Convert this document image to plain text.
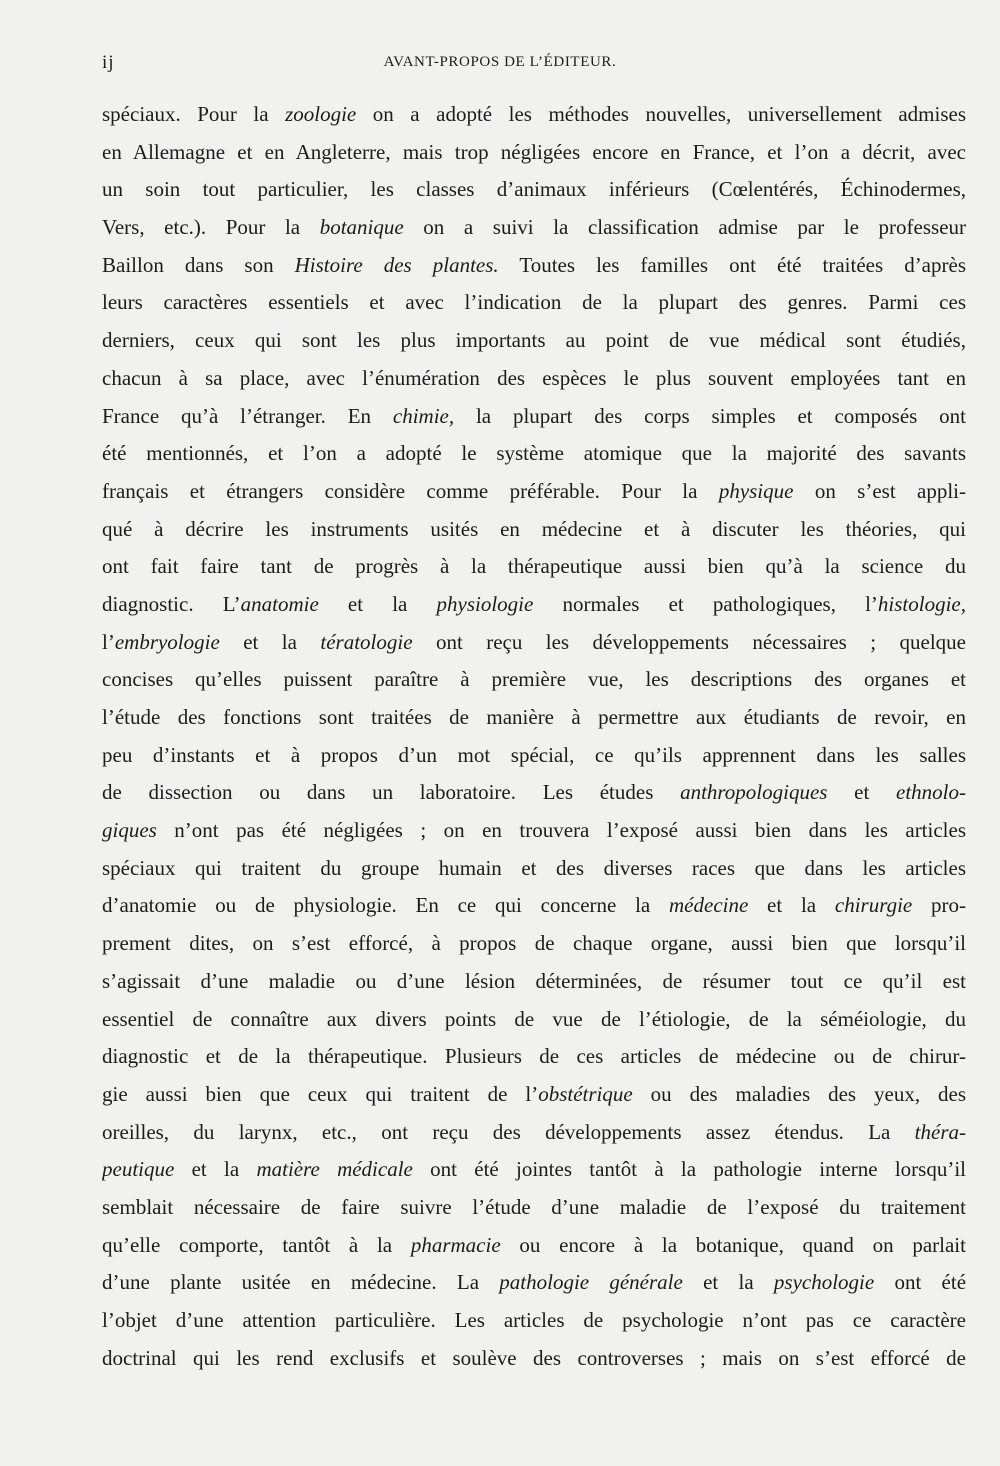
ij	AVANT-PROPOS DE L’ÉDITEUR.
spéciaux. Pour la zoologie on a adopté les méthodes nouvelles, universellement admises
en Allemagne et en Angleterre, mais trop négligées encore en France, et l’on a décrit, avec
un soin tout particulier, les classes d’animaux inférieurs (Cœlentérés, Échinodermes,
Vers, etc.). Pour la botanique on a suivi la classification admise par le professeur
Baillon dans son Histoire des plantes. Toutes les familles ont été traitées d’après
leurs caractères essentiels et avec l’indication de la plupart des genres. Parmi ces
derniers, ceux qui sont les plus importants au point de vue médical sont étudiés,
chacun à sa place, avec l’énumération des espèces le plus souvent employées tant en
France qu’à l’étranger. En chimie, la plupart des corps simples et composés ont
été mentionnés, et l’on a adopté le système atomique que la majorité des savants
français et étrangers considère comme préférable. Pour la physique on s’est appli-
qué à décrire les instruments usités en médecine et à discuter les théories, qui
ont fait faire tant de progrès à la thérapeutique aussi bien qu’à la science du
diagnostic. L’anatomie et la physiologie normales et pathologiques, l’histologie,
l’embryologie et la tératologie ont reçu les développements nécessaires ; quelque
concises qu’elles puissent paraître à première vue, les descriptions des organes et
l’étude des fonctions sont traitées de manière à permettre aux étudiants de revoir, en
peu d’instants et à propos d’un mot spécial, ce qu’ils apprennent dans les salles
de dissection ou dans un laboratoire. Les études anthropologiques et ethnolo-
giques n’ont pas été négligées ; on en trouvera l’exposé aussi bien dans les articles
spéciaux qui traitent du groupe humain et des diverses races que dans les articles
d’anatomie ou de physiologie. En ce qui concerne la médecine et la chirurgie pro-
prement dites, on s’est efforcé, à propos de chaque organe, aussi bien que lorsqu’il
s’agissait d’une maladie ou d’une lésion déterminées, de résumer tout ce qu’il est
essentiel de connaître aux divers points de vue de l’étiologie, de la séméiologie, du
diagnostic et de la thérapeutique. Plusieurs de ces articles de médecine ou de chirur-
gie aussi bien que ceux qui traitent de l’obstétrique ou des maladies des yeux, des
oreilles, du larynx, etc., ont reçu des développements assez étendus. La théra-
peutique et la matière médicale ont été jointes tantôt à la pathologie interne lorsqu’il
semblait nécessaire de faire suivre l’étude d’une maladie de l’exposé du traitement
qu’elle comporte, tantôt à la pharmacie ou encore à la botanique, quand on parlait
d’une plante usitée en médecine. La pathologie générale et la psychologie ont été
l’objet d’une attention particulière. Les articles de psychologie n’ont pas ce caractère
doctrinal qui les rend exclusifs et soulève des controverses ; mais on s’est efforcé de
